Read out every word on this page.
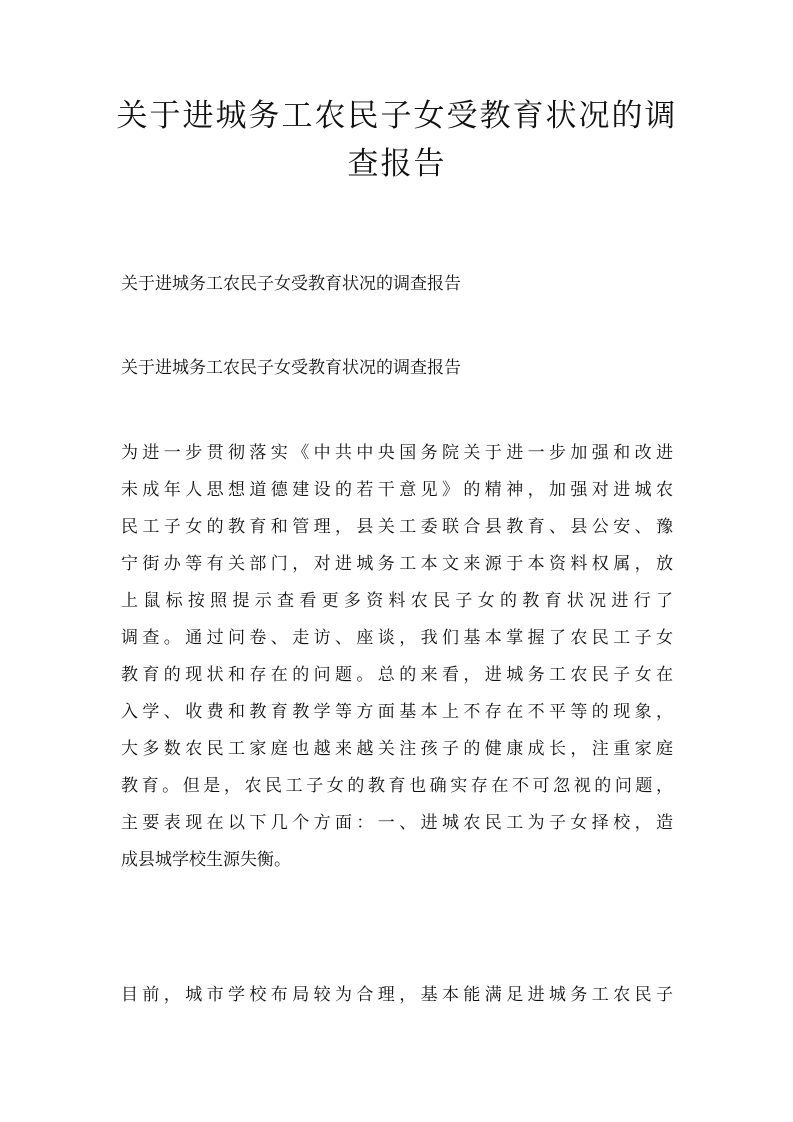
关于进城务工农民子女受教育状况的调
查报告

关于进城务工农民子女受教育状况的调查报告

关于进城务工农民子女受教育状况的调查报告

为进一步贯彻落实《中共中央国务院关于进一步加强和改进
未成年人思想道德建设的若干意见》的精神，加强对进城农
民工子女的教育和管理，县关工委联合县教育、县公安、豫
宁街办等有关部门，对进城务工本文来源于本资料权属，放
上鼠标按照提示查看更多资料农民子女的教育状况进行了
调查。通过问卷、走访、座谈，我们基本掌握了农民工子女
教育的现状和存在的问题。总的来看，进城务工农民子女在
入学、收费和教育教学等方面基本上不存在不平等的现象，
大多数农民工家庭也越来越关注孩子的健康成长，注重家庭
教育。但是，农民工子女的教育也确实存在不可忽视的问题，
主要表现在以下几个方面：一、进城农民工为子女择校，造
成县城学校生源失衡。
目前，城市学校布局较为合理，基本能满足进城务工农民子
